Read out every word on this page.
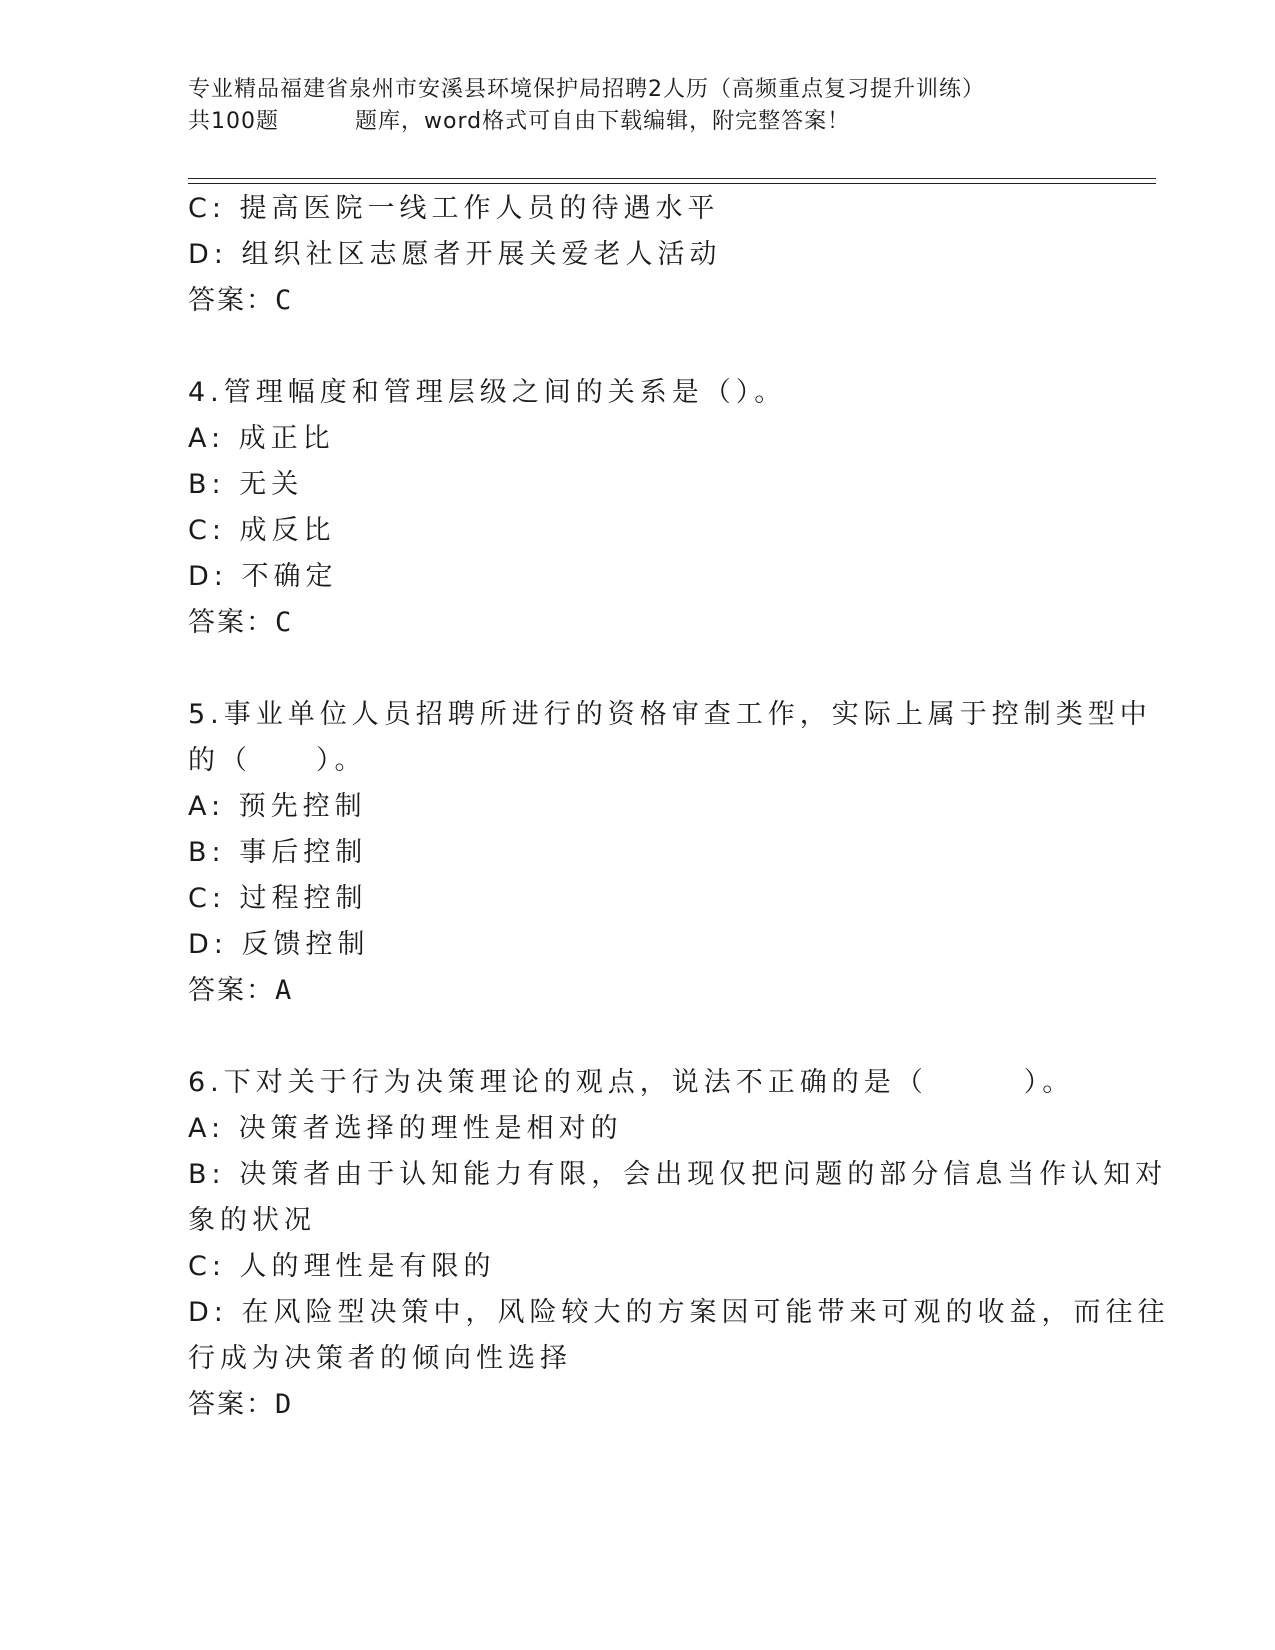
专业精品福建省泉州市安溪县环境保护局招聘2人历（高频重点复习提升训练）
共100题	题库，word格式可自由下载编辑，附完整答案！
C: 提高医院一线工作人员的待遇水平
D: 组织社区志愿者开展关爱老人活动
答案：C
4.管理幅度和管理层级之间的关系是（）。
A: 成正比
B: 无关
C: 成反比
D: 不确定
答案：C
5.事业单位人员招聘所进行的资格审查工作，实际上属于控制类型中
的（　　）。
A: 预先控制
B: 事后控制
C: 过程控制
D: 反馈控制
答案：A
6.下对关于行为决策理论的观点，说法不正确的是（　　　）。
A: 决策者选择的理性是相对的
B: 决策者由于认知能力有限，会出现仅把问题的部分信息当作认知对
象的状况
C: 人的理性是有限的
D: 在风险型决策中，风险较大的方案因可能带来可观的收益，而往往
行成为决策者的倾向性选择
答案：D
